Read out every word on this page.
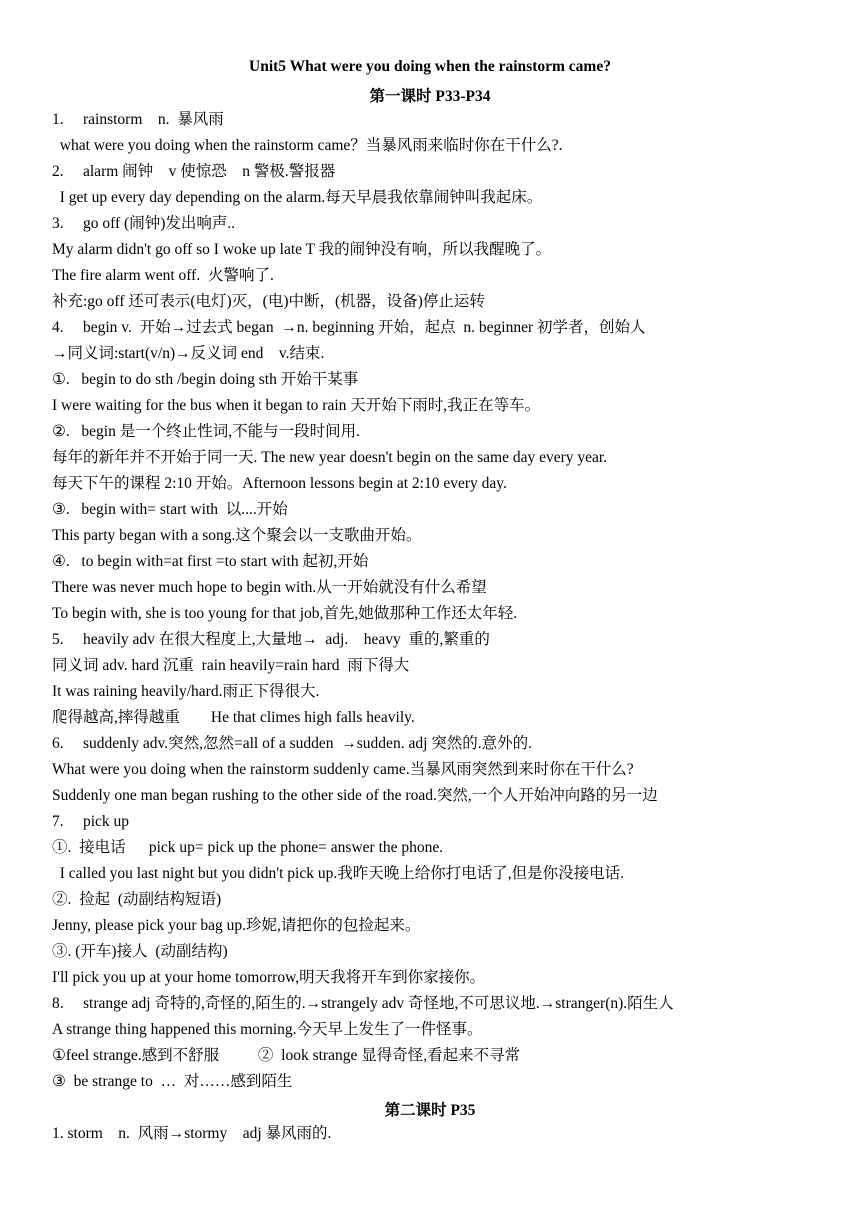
Unit5 What were you doing when the rainstorm came?
第一课时 P33-P34
1.     rainstorm    n.  暴风雨
what were you doing when the rainstorm came？当暴风雨来临时你在干什么?.
2.     alarm 闹钟    v 使惊恐    n 警极.警报器
I get up every day depending on the alarm.每天早晨我依靠闹钟叫我起床。
3.     go off (闹钟)发出响声..
My alarm didn't go off so I woke up late T 我的闹钟没有响，所以我醒晚了。
The fire alarm went off.  火警响了.
补充:go off 还可表示(电灯)灭，(电)中断，(机器，设备)停止运转
4.     begin v.  开始→过去式 began  →n. beginning 开始，起点  n. beginner 初学者，创始人
→同义词:start(v/n)→反义词 end    v.结束.
①.   begin to do sth /begin doing sth 开始干某事
I were waiting for the bus when it began to rain 天开始下雨时,我正在等车。
②.   begin 是一个终止性词,不能与一段时间用.
每年的新年并不开始于同一天. The new year doesn't begin on the same day every year.
每天下午的课程 2:10 开始。Afternoon lessons begin at 2:10 every day.
③.   begin with= start with  以....开始
This party began with a song.这个聚会以一支歌曲开始。
④.   to begin with=at first =to start with 起初,开始
There was never much hope to begin with.从一开始就没有什么希望
To begin with, she is too young for that job,首先,她做那种工作还太年轻.
5.     heavily adv 在很大程度上,大量地→  adj.    heavy  重的,繁重的
同义词 adv. hard 沉重  rain heavily=rain hard  雨下得大
It was raining heavily/hard.雨正下得很大.
爬得越高,摔得越重        He that climes high falls heavily.
6.     suddenly adv.突然,忽然=all of a sudden  →sudden. adj 突然的.意外的.
What were you doing when the rainstorm suddenly came.当暴风雨突然到来时你在干什么?
Suddenly one man began rushing to the other side of the road.突然,一个人开始冲向路的另一边
7.     pick up
①.  接电话      pick up= pick up the phone= answer the phone.
I called you last night but you didn't pick up.我昨天晚上给你打电话了,但是你没接电话.
②.  捡起  (动副结构短语)
Jenny, please pick your bag up.珍妮,请把你的包捡起来。
③. (开车)接人  (动副结构)
I'll pick you up at your home tomorrow,明天我将开车到你家接你。
8.     strange adj 奇特的,奇怪的,陌生的.→strangely adv 奇怪地,不可思议地.→stranger(n).陌生人
A strange thing happened this morning.今天早上发生了一件怪事。
①feel strange.感到不舒服          ②  look strange 显得奇怪,看起来不寻常
③  be strange to  …  对……感到陌生
第二课时 P35
1. storm    n.  风雨→stormy    adj 暴风雨的.
